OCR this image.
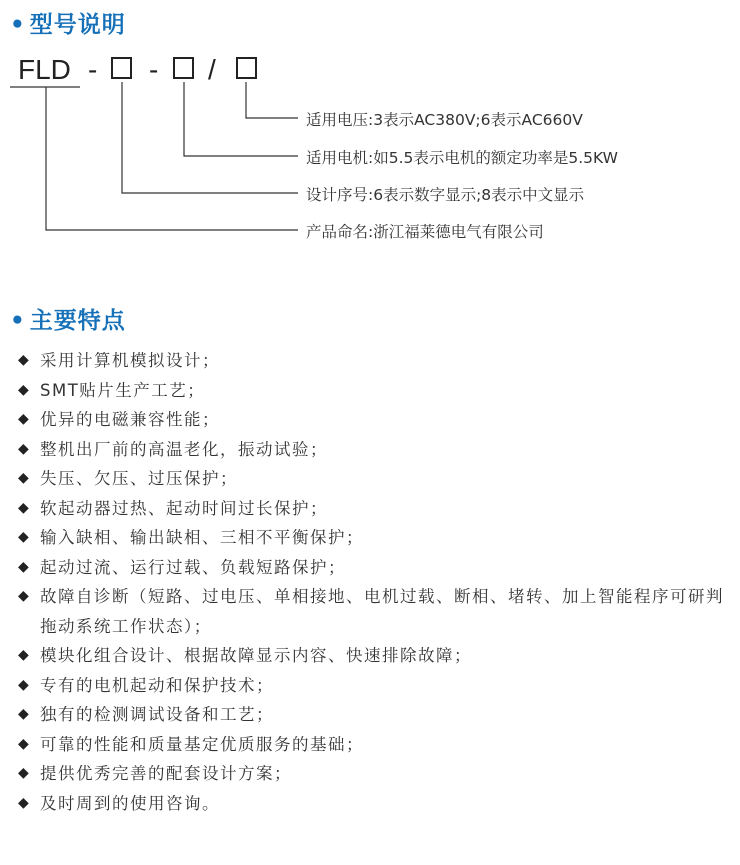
• 型号说明
FLD - - /
适用电压:3表示AC380V;6表示AC660V
适用电机:如5.5表示电机的额定功率是5.5KW
设计序号:6表示数字显示;8表示中文显示
产品命名:浙江福莱德电气有限公司
• 主要特点
◆ 采用计算机模拟设计；
◆ SMT贴片生产工艺；
◆ 优异的电磁兼容性能；
◆ 整机出厂前的高温老化，振动试验；
◆ 失压、欠压、过压保护；
◆ 软起动器过热、起动时间过长保护；
◆ 输入缺相、输出缺相、三相不平衡保护；
◆ 起动过流、运行过载、负载短路保护；
◆ 故障自诊断（短路、过电压、单相接地、电机过载、断相、堵转、加上智能程序可研判拖动系统工作状态）；
◆ 模块化组合设计、根据故障显示内容、快速排除故障；
◆ 专有的电机起动和保护技术；
◆ 独有的检测调试设备和工艺；
◆ 可靠的性能和质量基定优质服务的基础；
◆ 提供优秀完善的配套设计方案；
◆ 及时周到的使用咨询。
